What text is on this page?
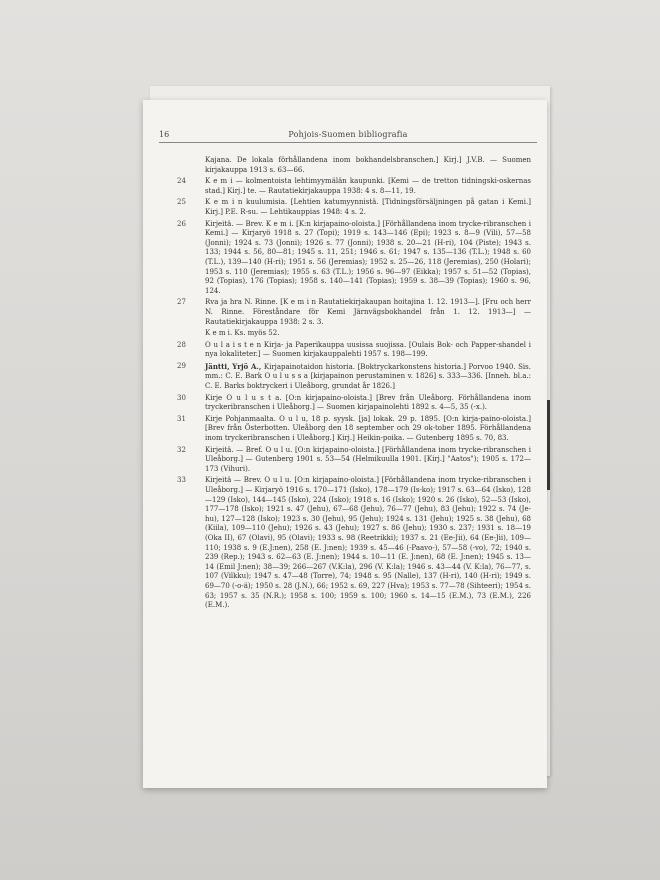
16	Pohjois-Suomen bibliografia
Kajana. De lokala förhållandena inom bokhandelsbranschen.] Kirj.] J.V.B. — Suomen kirjakauppa 1913 s. 63—66.
24	K e m i — kolmentoista lehtimyymälän kaupunki. [Kemi — de tretton tidningski-oskernas stad.] Kirj.] te. — Rautatiekirjakauppa 1938: 4 s. 8—11, 19.
25	K e m i n kuulumisia. [Lehtien katumyynnistä. [Tidningsförsäljningen på gatan i Kemi.] Kirj.] P.E. R-su. — Lehtikauppias 1948: 4 s. 2.
26	Kirjeitä. — Brev. K e m i. [K:n kirjapaino-oloista.] [Förhållandena inom trycke-ribranschen i Kemi.] — Kirjaryö 1918 s. 27 (Topi); 1919 s. 143—146 (Epi); 1923 s. 8—9 (Vili), 57—58 (Jonni); 1924 s. 73 (Jonni); 1926 s. 77 (Jonni); 1938 s. 20—21 (H-ri), 104 (Piste); 1943 s. 133; 1944 s. 56, 80—81; 1945 s. 11, 251; 1946 s. 61; 1947 s. 135—136 (T.L.); 1948 s. 60 (T.L.), 139—140 (H-ri); 1951 s. 56 (Jeremias); 1952 s. 25—26, 118 (Jeremias), 250 (Holari); 1953 s. 110 (Jeremias); 1955 s. 63 (T.L.); 1956 s. 96—97 (Eikka); 1957 s. 51—52 (Topias), 92 (Topias), 176 (Topias); 1958 s. 140—141 (Topias); 1959 s. 38—39 (Topias); 1960 s. 96, 124.
27	Rva ja hra N. Rinne. [K e m i n Rautatiekirjakaupan hoitajina 1. 12. 1913—]. [Fru och herr N. Rinne. Föreståndare för Kemi Järnvägsbokhandel från 1. 12. 1913—] — Rautatiekirjakauppa 1938: 2 s. 3.
K e m i. Ks. myös 52.
28	O u l a i s t e n Kirja- ja Paperikauppa uusissa suojissa. [Oulais Bok- och Papper-shandel i nya lokaliteter.] — Suomen kirjakauppalehti 1957 s. 198—199.
29	Jäntti, Yrjö A., Kirjapainotaidon historia. [Boktryckarkonstens historia.] Porvoo 1940. Sis. mm.: C. E. Bark O u l u s s a [kirjapainon perustaminen v. 1826] s. 333—336. [Inneh. bl.a.: C. E. Barks boktryckeri i Uleåborg, grundat år 1826.]
30	Kirje O u l u s t a. [O:n kirjapaino-oloista.] [Brev från Uleåborg. Förhållandena inom tryckeribranschen i Uleåborg.] — Suomen kirjapainolehti 1892 s. 4—5, 35 (-x.).
31	Kirje Pohjanmaalta. O u l u, 18 p. syysk. [ja] lokak. 29 p. 1895. [O:n kirja-paino-oloista.] [Brev från Österbotten. Uleåborg den 18 september och 29 ok-tober 1895. Förhållandena inom tryckeribranschen i Uleåborg.] Kirj.] Heikin-poika. — Gutenberg 1895 s. 70, 83.
32	Kirjeitä. — Bref. O u l u. [O:n kirjapaino-oloista.] [Förhållandena inom trycke-ribranschen i Uleåborg.] — Gutenberg 1901 s. 53—54 (Helmikuulla 1901. [Kirj.] "Aatos"); 1905 s. 172—173 (Vihuri).
33	Kirjeitä — Brev. O u l u. [O:n kirjapaino-oloista.] [Förhållandena inom trycke-ribranschen i Uleåborg.] — Kirjaryö 1916 s. 170—171 (Isko), 178—179 (Is-ko); 1917 s. 63—64 (Isko), 128—129 (Isko), 144—145 (Isko), 224 (Isko); 1918 s. 16 (Isko); 1920 s. 26 (Isko), 52—53 (Isko), 177—178 (Isko); 1921 s. 47 (Jehu), 67—68 (Jehu), 76—77 (Jehu), 83 (Jehu); 1922 s. 74 (Je-hu), 127—128 (Isko); 1923 s. 30 (Jehu), 95 (Jehu); 1924 s. 131 (Jehu); 1925 s. 38 (Jehu), 68 (Kiila), 109—110 (Jehu); 1926 s. 43 (Jehu); 1927 s. 86 (Jehu); 1930 s. 237; 1931 s. 18—19 (Oka II), 67 (Olavi), 95 (Olavi); 1933 s. 98 (Reetrikki); 1937 s. 21 (Ee-Jii), 64 (Ee-Jii), 109—110; 1938 s. 9 (E.J:nen), 258 (E. J:nen); 1939 s. 45—46 (-Paavo-), 57—58 (-vo), 72; 1940 s. 239 (Rep.); 1943 s. 62—63 (E. J:nen); 1944 s. 10—11 (E. J:nen), 68 (E. J:nen); 1945 s. 13—14 (Emil J:nen); 38—39; 266—267 (V.K:la), 296 (V. K:la); 1946 s. 43—44 (V. K:la), 76—77, s. 107 (Vilkku); 1947 s. 47—48 (Torre), 74; 1948 s. 95 (Nalle), 137 (H-ri), 140 (H-ri); 1949 s. 69—70 (-o-ä); 1950 s. 28 (J.N.), 66; 1952 s. 69, 227 (Hva); 1953 s. 77—78 (Sihteeri); 1954 s. 63; 1957 s. 35 (N.R.); 1958 s. 100; 1959 s. 100; 1960 s. 14—15 (E.M.), 73 (E.M.), 226 (E.M.).
